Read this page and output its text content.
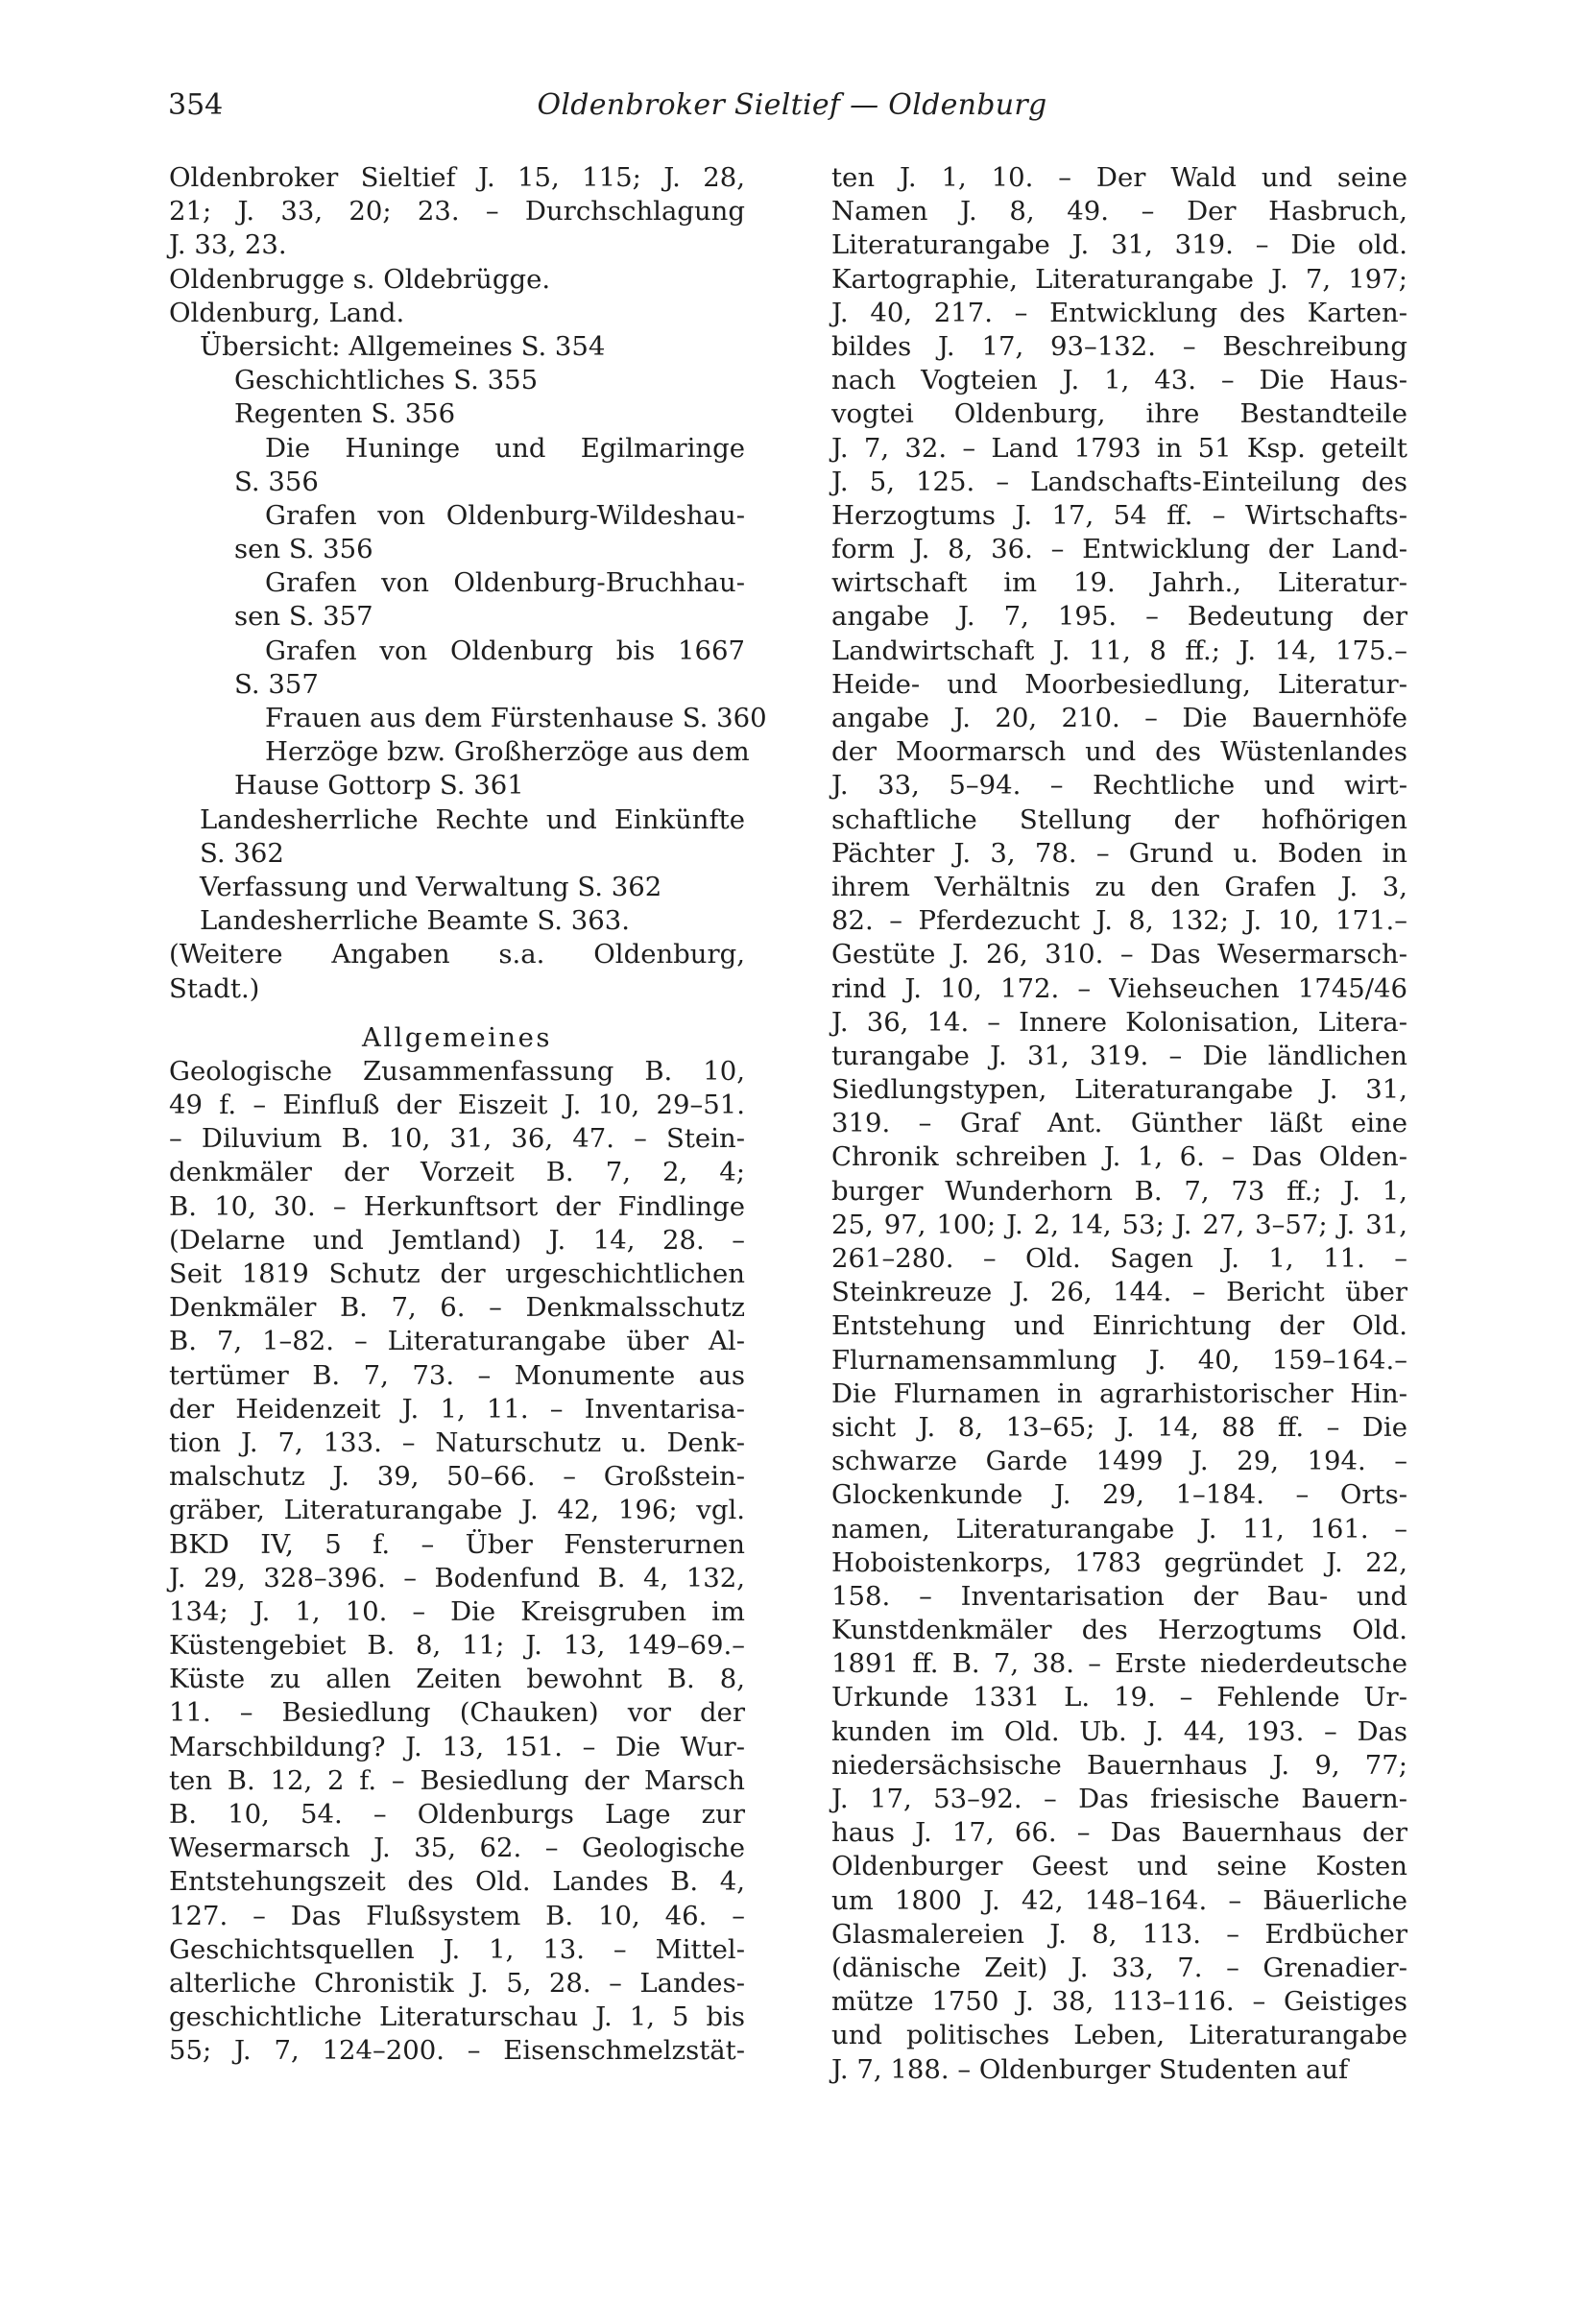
354	Oldenbroker Sieltief — Oldenburg
Oldenbroker Sieltief J. 15, 115; J. 28,
21; J. 33, 20; 23. – Durchschlagung
J. 33, 23.
Oldenbrugge s. Oldebrügge.
Oldenburg, Land.
Übersicht: Allgemeines S. 354
Geschichtliches S. 355
Regenten S. 356
Die Huninge und Egilmaringe
S. 356
Grafen von Oldenburg-Wildeshau-
sen S. 356
Grafen von Oldenburg-Bruchhau-
sen S. 357
Grafen von Oldenburg bis 1667
S. 357
Frauen aus dem Fürstenhause S. 360
Herzöge bzw. Großherzöge aus dem
Hause Gottorp S. 361
Landesherrliche Rechte und Einkünfte
S. 362
Verfassung und Verwaltung S. 362
Landesherrliche Beamte S. 363.
(Weitere Angaben s.a. Oldenburg,
Stadt.)
Allgemeines
Geologische Zusammenfassung B. 10,
49 f. – Einfluß der Eiszeit J. 10, 29–51.
– Diluvium B. 10, 31, 36, 47. – Stein-
denkmäler der Vorzeit B. 7, 2, 4;
B. 10, 30. – Herkunftsort der Findlinge
(Delarne und Jemtland) J. 14, 28. –
Seit 1819 Schutz der urgeschichtlichen
Denkmäler B. 7, 6. – Denkmalsschutz
B. 7, 1–82. – Literaturangabe über Al-
tertümer B. 7, 73. – Monumente aus
der Heidenzeit J. 1, 11. – Inventarisa-
tion J. 7, 133. – Naturschutz u. Denk-
malschutz J. 39, 50–66. – Großstein-
gräber, Literaturangabe J. 42, 196; vgl.
BKD IV, 5 f. – Über Fensterurnen
J. 29, 328–396. – Bodenfund B. 4, 132,
134; J. 1, 10. – Die Kreisgruben im
Küstengebiet B. 8, 11; J. 13, 149–69.–
Küste zu allen Zeiten bewohnt B. 8,
11. – Besiedlung (Chauken) vor der
Marschbildung? J. 13, 151. – Die Wur-
ten B. 12, 2 f. – Besiedlung der Marsch
B. 10, 54. – Oldenburgs Lage zur
Wesermarsch J. 35, 62. – Geologische
Entstehungszeit des Old. Landes B. 4,
127. – Das Flußsystem B. 10, 46. –
Geschichtsquellen J. 1, 13. – Mittel-
alterliche Chronistik J. 5, 28. – Landes-
geschichtliche Literaturschau J. 1, 5 bis
55; J. 7, 124–200. – Eisenschmelzstät-
ten J. 1, 10. – Der Wald und seine
Namen J. 8, 49. – Der Hasbruch,
Literaturangabe J. 31, 319. – Die old.
Kartographie, Literaturangabe J. 7, 197;
J. 40, 217. – Entwicklung des Karten-
bildes J. 17, 93–132. – Beschreibung
nach Vogteien J. 1, 43. – Die Haus-
vogtei Oldenburg, ihre Bestandteile
J. 7, 32. – Land 1793 in 51 Ksp. geteilt
J. 5, 125. – Landschafts-Einteilung des
Herzogtums J. 17, 54 ff. – Wirtschafts-
form J. 8, 36. – Entwicklung der Land-
wirtschaft im 19. Jahrh., Literatur-
angabe J. 7, 195. – Bedeutung der
Landwirtschaft J. 11, 8 ff.; J. 14, 175.–
Heide- und Moorbesiedlung, Literatur-
angabe J. 20, 210. – Die Bauernhöfe
der Moormarsch und des Wüstenlandes
J. 33, 5–94. – Rechtliche und wirt-
schaftliche Stellung der hofhörigen
Pächter J. 3, 78. – Grund u. Boden in
ihrem Verhältnis zu den Grafen J. 3,
82. – Pferdezucht J. 8, 132; J. 10, 171.–
Gestüte J. 26, 310. – Das Wesermarsch-
rind J. 10, 172. – Viehseuchen 1745/46
J. 36, 14. – Innere Kolonisation, Litera-
turangabe J. 31, 319. – Die ländlichen
Siedlungstypen, Literaturangabe J. 31,
319. – Graf Ant. Günther läßt eine
Chronik schreiben J. 1, 6. – Das Olden-
burger Wunderhorn B. 7, 73 ff.; J. 1,
25, 97, 100; J. 2, 14, 53; J. 27, 3–57; J. 31,
261–280. – Old. Sagen J. 1, 11. –
Steinkreuze J. 26, 144. – Bericht über
Entstehung und Einrichtung der Old.
Flurnamensammlung J. 40, 159–164.–
Die Flurnamen in agrarhistorischer Hin-
sicht J. 8, 13–65; J. 14, 88 ff. – Die
schwarze Garde 1499 J. 29, 194. –
Glockenkunde J. 29, 1–184. – Orts-
namen, Literaturangabe J. 11, 161. –
Hoboistenkorps, 1783 gegründet J. 22,
158. – Inventarisation der Bau- und
Kunstdenkmäler des Herzogtums Old.
1891 ff. B. 7, 38. – Erste niederdeutsche
Urkunde 1331 L. 19. – Fehlende Ur-
kunden im Old. Ub. J. 44, 193. – Das
niedersächsische Bauernhaus J. 9, 77;
J. 17, 53–92. – Das friesische Bauern-
haus J. 17, 66. – Das Bauernhaus der
Oldenburger Geest und seine Kosten
um 1800 J. 42, 148–164. – Bäuerliche
Glasmalereien J. 8, 113. – Erdbücher
(dänische Zeit) J. 33, 7. – Grenadier-
mütze 1750 J. 38, 113–116. – Geistiges
und politisches Leben, Literaturangabe
J. 7, 188. – Oldenburger Studenten auf
